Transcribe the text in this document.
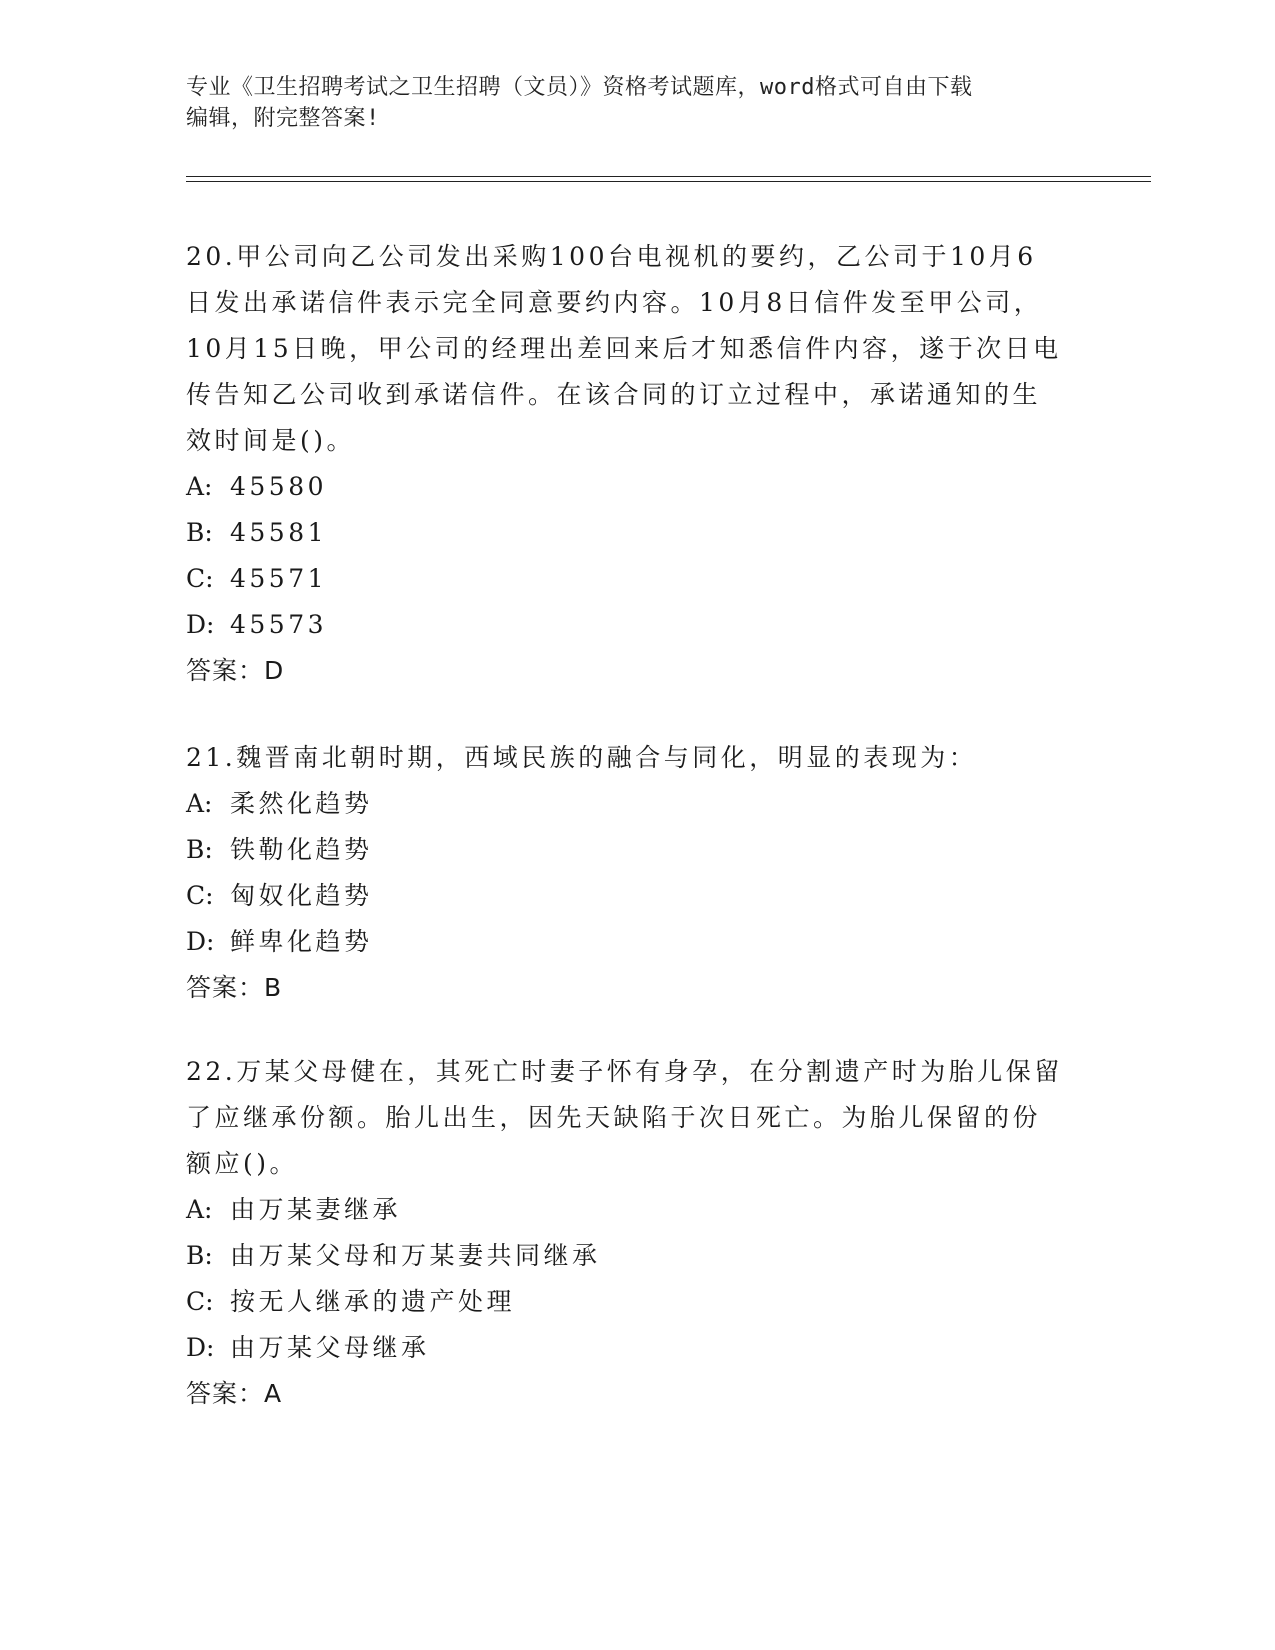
专业《卫生招聘考试之卫生招聘（文员）》资格考试题库，word格式可自由下载
编辑，附完整答案!

20.甲公司向乙公司发出采购100台电视机的要约，乙公司于10月6

日发出承诺信件表示完全同意要约内容。10月8日信件发至甲公司，

10月15日晚，甲公司的经理出差回来后才知悉信件内容，遂于次日电

传告知乙公司收到承诺信件。在该合同的订立过程中，承诺通知的生

效时间是()。

A: 45580

B: 45581

C: 45571

D: 45573

答案：D

21.魏晋南北朝时期，西域民族的融合与同化，明显的表现为：

A: 柔然化趋势

B: 铁勒化趋势

C: 匈奴化趋势

D: 鲜卑化趋势

答案：B

22.万某父母健在，其死亡时妻子怀有身孕，在分割遗产时为胎儿保留

了应继承份额。胎儿出生，因先天缺陷于次日死亡。为胎儿保留的份

额应()。

A: 由万某妻继承

B: 由万某父母和万某妻共同继承

C: 按无人继承的遗产处理

D: 由万某父母继承

答案：A
